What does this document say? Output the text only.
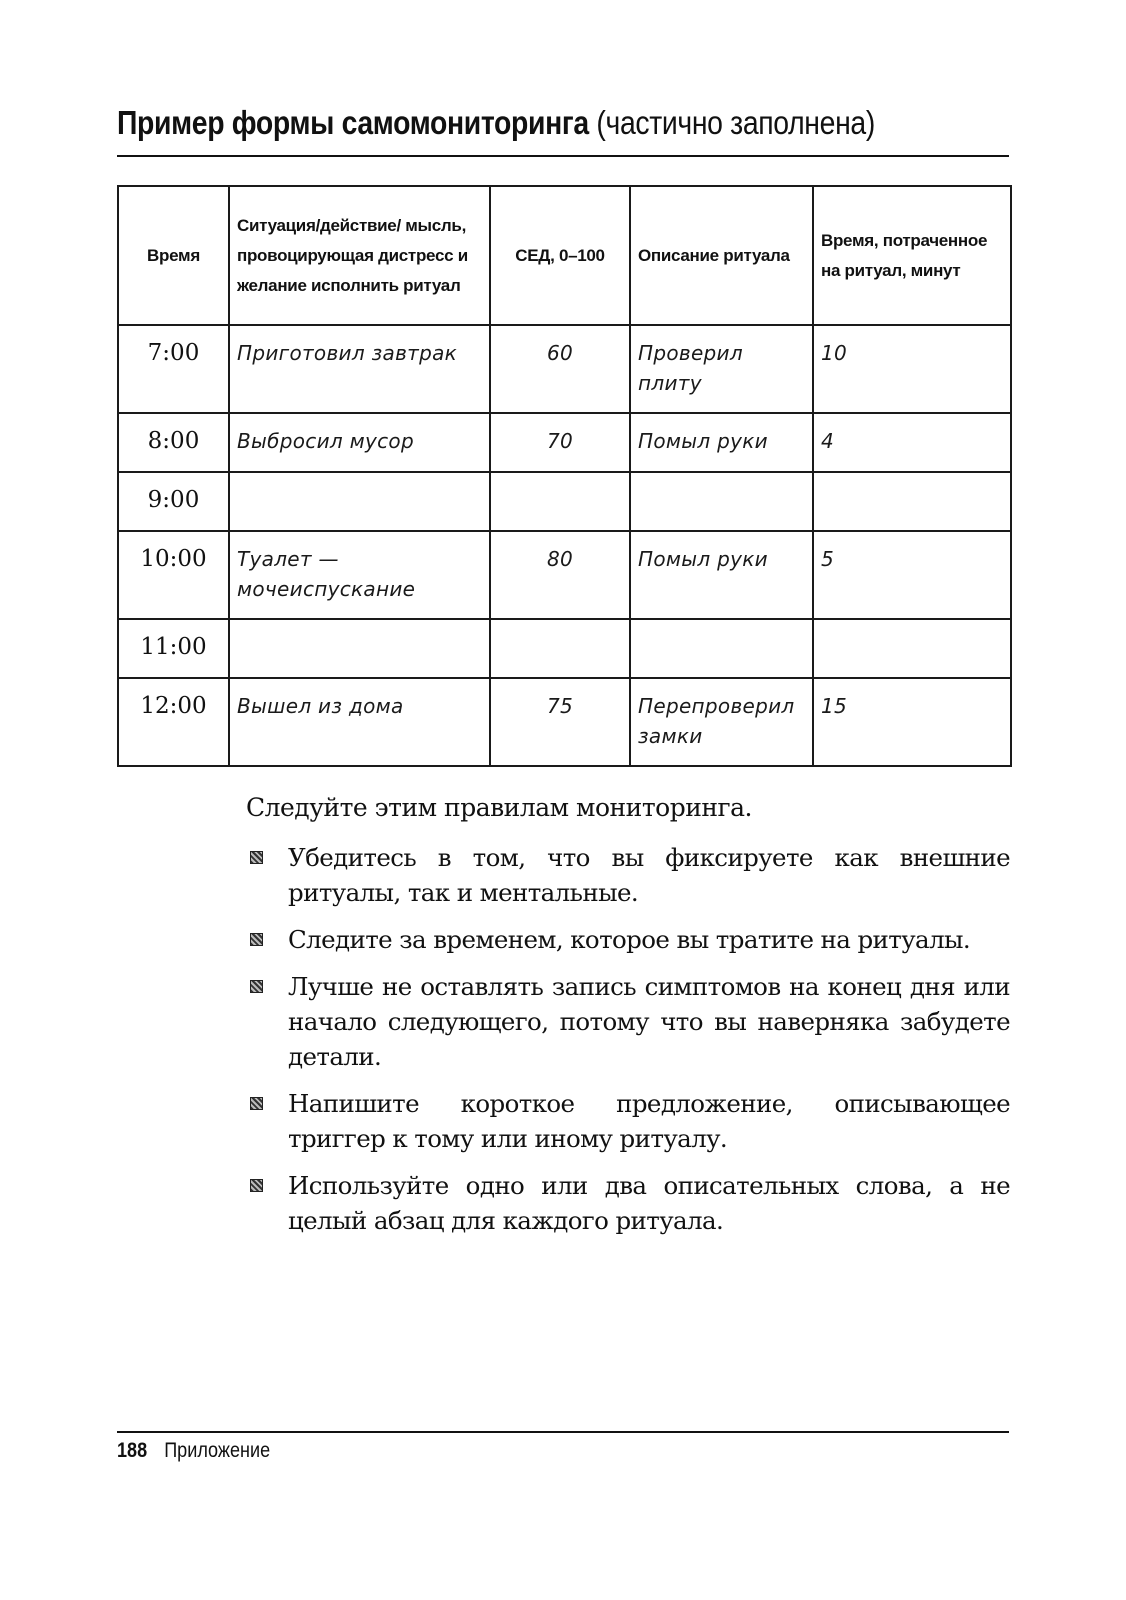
Пример формы самомониторинга (частично заполнена)
Время	Ситуация/действие/ мысль, провоцирующая дистресс и желание исполнить ритуал	СЕД, 0–100	Описание ритуала	Время, потраченное на ритуал, минут
7:00	Приготовил завтрак	60	Проверил плиту	10
8:00	Выбросил мусор	70	Помыл руки	4
9:00				
10:00	Туалет — мочеиспускание	80	Помыл руки	5
11:00				
12:00	Вышел из дома	75	Перепроверил замки	15
Следуйте этим правилам мониторинга.
Убедитесь в том, что вы фиксируете как внешние ритуалы, так и ментальные.
Следите за временем, которое вы тратите на ритуалы.
Лучше не оставлять запись симптомов на конец дня или начало следующего, потому что вы наверняка забудете детали.
Напишите короткое предложение, описывающее триггер к тому или иному ритуалу.
Используйте одно или два описательных слова, а не целый абзац для каждого ритуала.
188 Приложение
